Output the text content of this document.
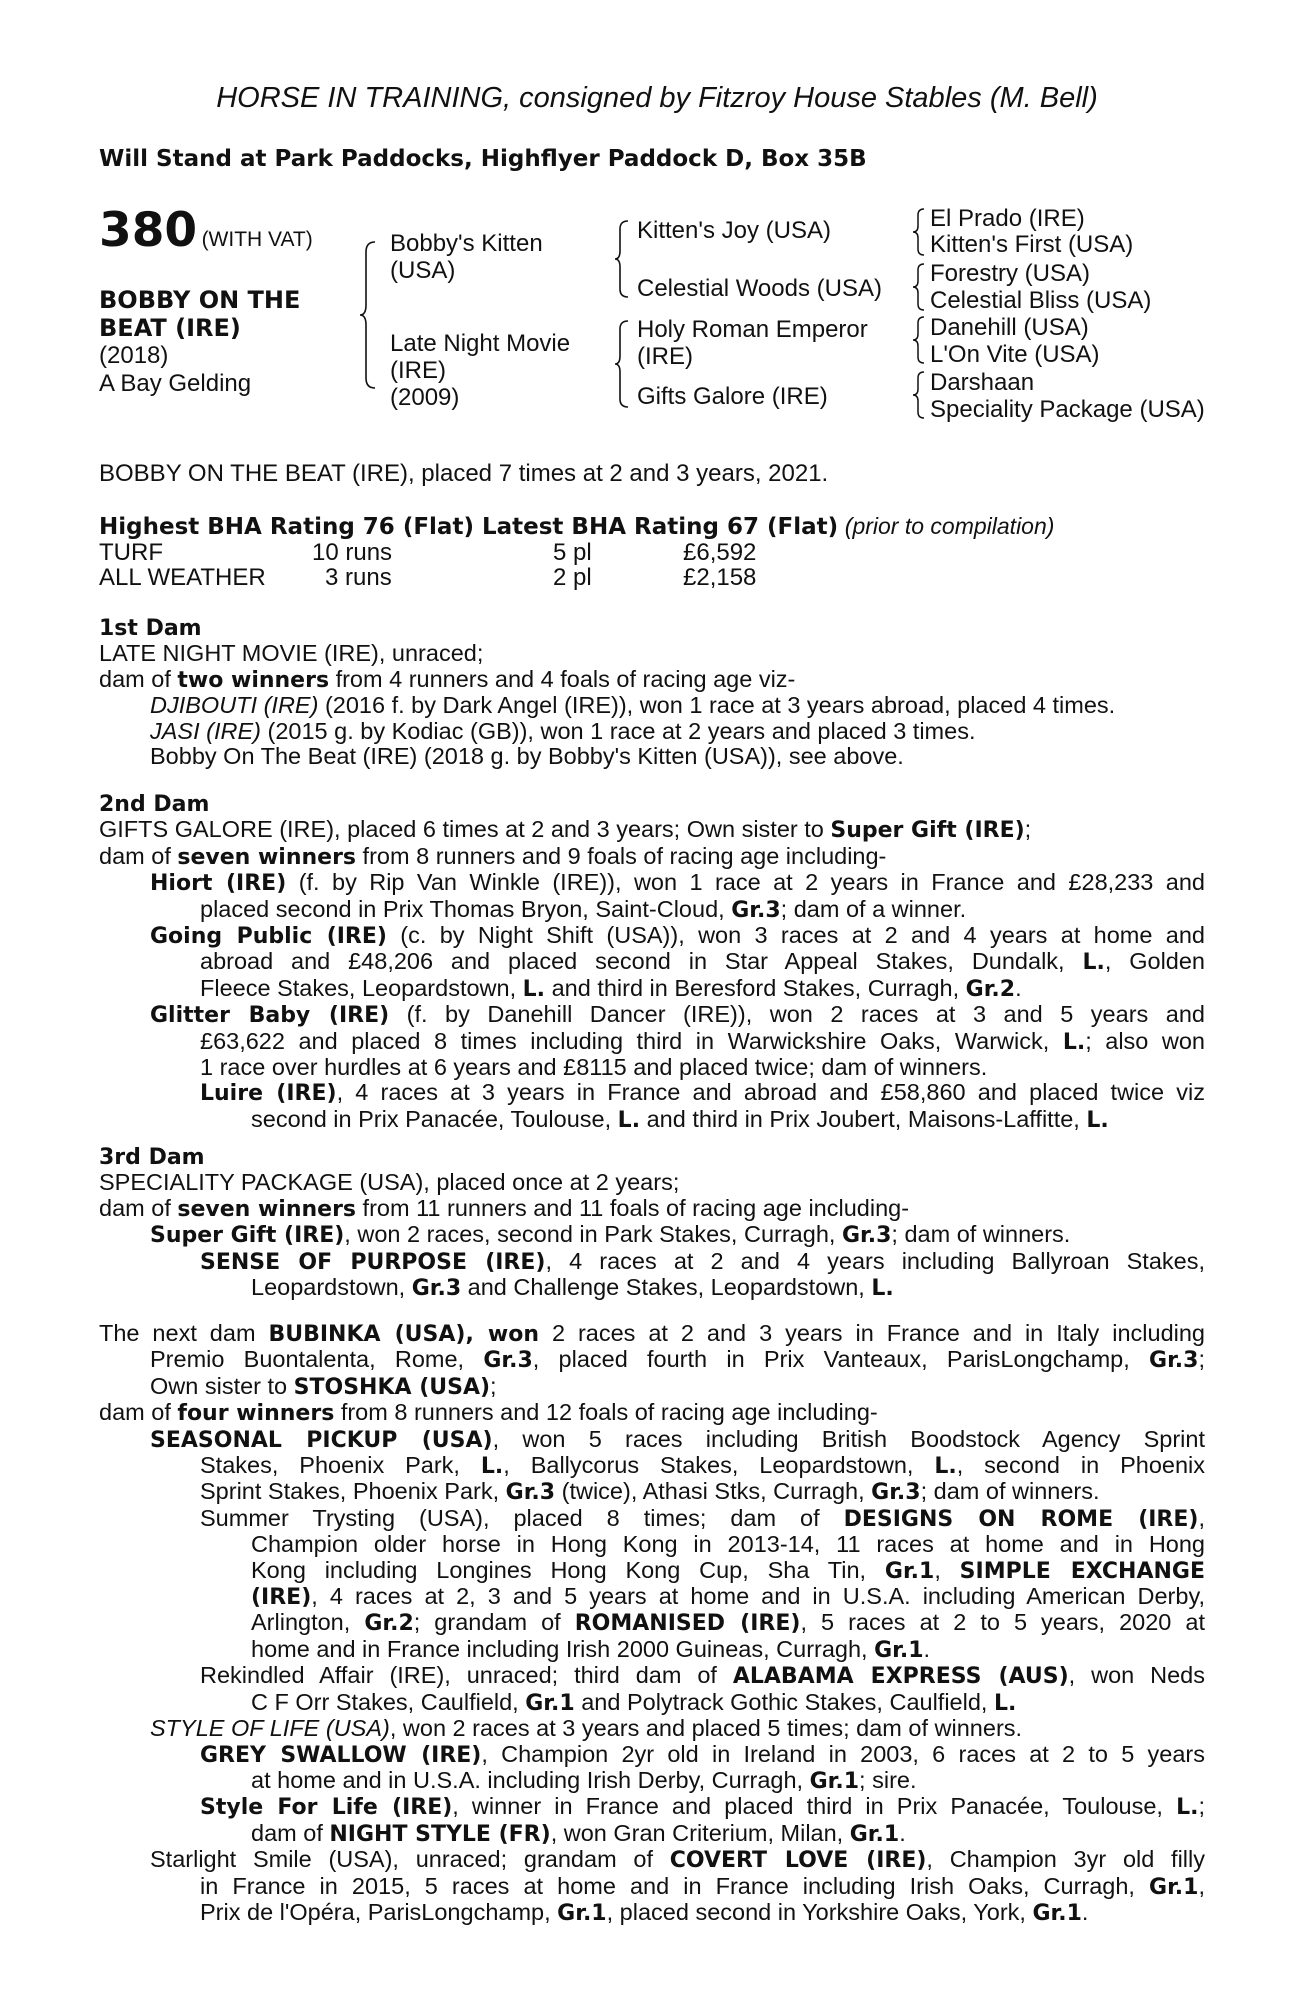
HORSE IN TRAINING, consigned by Fitzroy House Stables (M. Bell)
Will Stand at Park Paddocks, Highflyer Paddock D, Box 35B
380 (WITH VAT)
BOBBY ON THE
BEAT (IRE)
(2018)
A Bay Gelding
Bobby's Kitten
(USA)
Late Night Movie
(IRE)
(2009)
Kitten's Joy (USA)
Celestial Woods (USA)
Holy Roman Emperor
(IRE)
Gifts Galore (IRE)
El Prado (IRE)
Kitten's First (USA)
Forestry (USA)
Celestial Bliss (USA)
Danehill (USA)
L'On Vite (USA)
Darshaan
Speciality Package (USA)
BOBBY ON THE BEAT (IRE), placed 7 times at 2 and 3 years, 2021.
Highest BHA Rating 76 (Flat) Latest BHA Rating 67 (Flat) (prior to compilation)
TURF	10 runs	5 pl	£6,592
ALL WEATHER 3 runs	2 pl	£2,158
1st Dam
LATE NIGHT MOVIE (IRE), unraced;
dam of two winners from 4 runners and 4 foals of racing age viz-
DJIBOUTI (IRE) (2016 f. by Dark Angel (IRE)), won 1 race at 3 years abroad, placed 4 times.
JASI (IRE) (2015 g. by Kodiac (GB)), won 1 race at 2 years and placed 3 times.
Bobby On The Beat (IRE) (2018 g. by Bobby's Kitten (USA)), see above.
2nd Dam
GIFTS GALORE (IRE), placed 6 times at 2 and 3 years; Own sister to Super Gift (IRE);
dam of seven winners from 8 runners and 9 foals of racing age including-
Hiort (IRE) (f. by Rip Van Winkle (IRE)), won 1 race at 2 years in France and £28,233 and
placed second in Prix Thomas Bryon, Saint-Cloud, Gr.3; dam of a winner.
Going Public (IRE) (c. by Night Shift (USA)), won 3 races at 2 and 4 years at home and
abroad and £48,206 and placed second in Star Appeal Stakes, Dundalk, L., Golden
Fleece Stakes, Leopardstown, L. and third in Beresford Stakes, Curragh, Gr.2.
Glitter Baby (IRE) (f. by Danehill Dancer (IRE)), won 2 races at 3 and 5 years and
£63,622 and placed 8 times including third in Warwickshire Oaks, Warwick, L.; also won
1 race over hurdles at 6 years and £8115 and placed twice; dam of winners.
Luire (IRE), 4 races at 3 years in France and abroad and £58,860 and placed twice viz
second in Prix Panacée, Toulouse, L. and third in Prix Joubert, Maisons-Laffitte, L.
3rd Dam
SPECIALITY PACKAGE (USA), placed once at 2 years;
dam of seven winners from 11 runners and 11 foals of racing age including-
Super Gift (IRE), won 2 races, second in Park Stakes, Curragh, Gr.3; dam of winners.
SENSE OF PURPOSE (IRE), 4 races at 2 and 4 years including Ballyroan Stakes,
Leopardstown, Gr.3 and Challenge Stakes, Leopardstown, L.
The next dam BUBINKA (USA), won 2 races at 2 and 3 years in France and in Italy including
Premio Buontalenta, Rome, Gr.3, placed fourth in Prix Vanteaux, ParisLongchamp, Gr.3;
Own sister to STOSHKA (USA);
dam of four winners from 8 runners and 12 foals of racing age including-
SEASONAL PICKUP (USA), won 5 races including British Boodstock Agency Sprint
Stakes, Phoenix Park, L., Ballycorus Stakes, Leopardstown, L., second in Phoenix
Sprint Stakes, Phoenix Park, Gr.3 (twice), Athasi Stks, Curragh, Gr.3; dam of winners.
Summer Trysting (USA), placed 8 times; dam of DESIGNS ON ROME (IRE),
Champion older horse in Hong Kong in 2013-14, 11 races at home and in Hong
Kong including Longines Hong Kong Cup, Sha Tin, Gr.1, SIMPLE EXCHANGE
(IRE), 4 races at 2, 3 and 5 years at home and in U.S.A. including American Derby,
Arlington, Gr.2; grandam of ROMANISED (IRE), 5 races at 2 to 5 years, 2020 at
home and in France including Irish 2000 Guineas, Curragh, Gr.1.
Rekindled Affair (IRE), unraced; third dam of ALABAMA EXPRESS (AUS), won Neds
C F Orr Stakes, Caulfield, Gr.1 and Polytrack Gothic Stakes, Caulfield, L.
STYLE OF LIFE (USA), won 2 races at 3 years and placed 5 times; dam of winners.
GREY SWALLOW (IRE), Champion 2yr old in Ireland in 2003, 6 races at 2 to 5 years
at home and in U.S.A. including Irish Derby, Curragh, Gr.1; sire.
Style For Life (IRE), winner in France and placed third in Prix Panacée, Toulouse, L.;
dam of NIGHT STYLE (FR), won Gran Criterium, Milan, Gr.1.
Starlight Smile (USA), unraced; grandam of COVERT LOVE (IRE), Champion 3yr old filly
in France in 2015, 5 races at home and in France including Irish Oaks, Curragh, Gr.1,
Prix de l'Opéra, ParisLongchamp, Gr.1, placed second in Yorkshire Oaks, York, Gr.1.
